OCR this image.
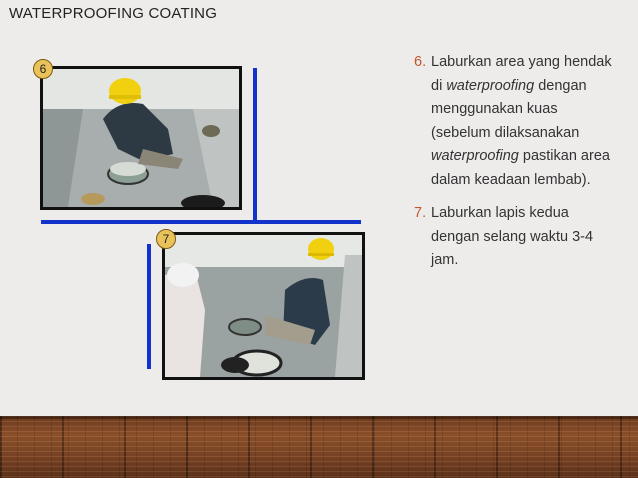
WATERPROOFING COATING
6
7
6. Laburkan area yang hendak di waterproofing dengan menggunakan kuas (sebelum dilaksanakan waterproofing pastikan area dalam keadaan lembab).
7. Laburkan lapis kedua dengan selang waktu 3-4 jam.
